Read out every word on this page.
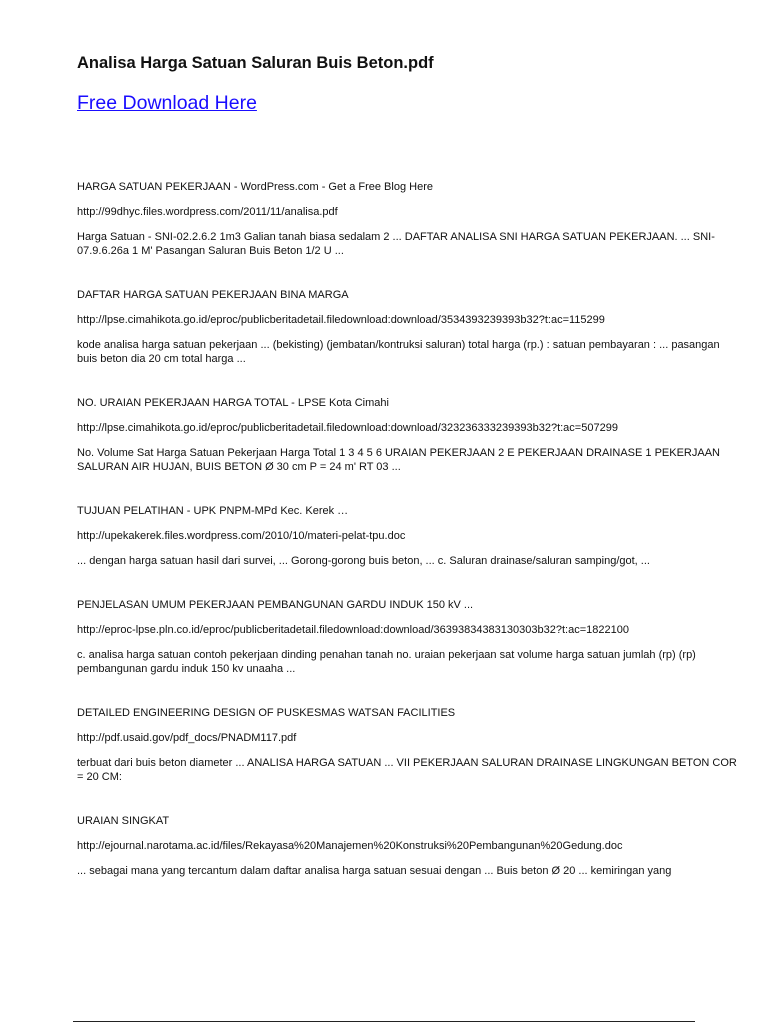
Analisa Harga Satuan Saluran Buis Beton.pdf
Free Download Here

HARGA SATUAN PEKERJAAN - WordPress.com - Get a Free Blog Here

http://99dhyc.files.wordpress.com/2011/11/analisa.pdf

Harga Satuan - SNI-02.2.6.2 1m3 Galian tanah biasa sedalam 2 ... DAFTAR ANALISA SNI HARGA SATUAN PEKERJAAN. ... SNI-07.9.6.26a 1 M' Pasangan Saluran Buis Beton 1/2 U ...

DAFTAR HARGA SATUAN PEKERJAAN BINA MARGA

http://lpse.cimahikota.go.id/eproc/publicberitadetail.filedownload:download/3534393239393b32?t:ac=115299

kode analisa harga satuan pekerjaan ... (bekisting) (jembatan/kontruksi saluran) total harga (rp.) : satuan pembayaran : ... pasangan buis beton dia 20 cm total harga ...

NO. URAIAN PEKERJAAN HARGA TOTAL - LPSE Kota Cimahi

http://lpse.cimahikota.go.id/eproc/publicberitadetail.filedownload:download/323236333239393b32?t:ac=507299

No. Volume Sat Harga Satuan Pekerjaan Harga Total 1 3 4 5 6 URAIAN PEKERJAAN 2 E PEKERJAAN DRAINASE 1 PEKERJAAN SALURAN AIR HUJAN, BUIS BETON Ø 30 cm P = 24 m' RT 03 ...

TUJUAN PELATIHAN - UPK PNPM-MPd Kec. Kerek …

http://upekakerek.files.wordpress.com/2010/10/materi-pelat-tpu.doc

... dengan harga satuan hasil dari survei, ... Gorong-gorong buis beton, ... c. Saluran drainase/saluran samping/got, ...

PENJELASAN UMUM PEKERJAAN PEMBANGUNAN GARDU INDUK 150 kV ...

http://eproc-lpse.pln.co.id/eproc/publicberitadetail.filedownload:download/36393834383130303b32?t:ac=1822100

c. analisa harga satuan contoh pekerjaan dinding penahan tanah no. uraian pekerjaan sat volume harga satuan jumlah (rp) (rp) pembangunan gardu induk 150 kv unaaha ...

DETAILED ENGINEERING DESIGN OF PUSKESMAS WATSAN FACILITIES

http://pdf.usaid.gov/pdf_docs/PNADM117.pdf

terbuat dari buis beton diameter ... ANALISA HARGA SATUAN ... VII PEKERJAAN SALURAN DRAINASE LINGKUNGAN BETON COR = 20 CM:

URAIAN SINGKAT

http://ejournal.narotama.ac.id/files/Rekayasa%20Manajemen%20Konstruksi%20Pembangunan%20Gedung.doc

... sebagai mana yang tercantum dalam daftar analisa harga satuan sesuai dengan ... Buis beton Ø 20 ... kemiringan yang
